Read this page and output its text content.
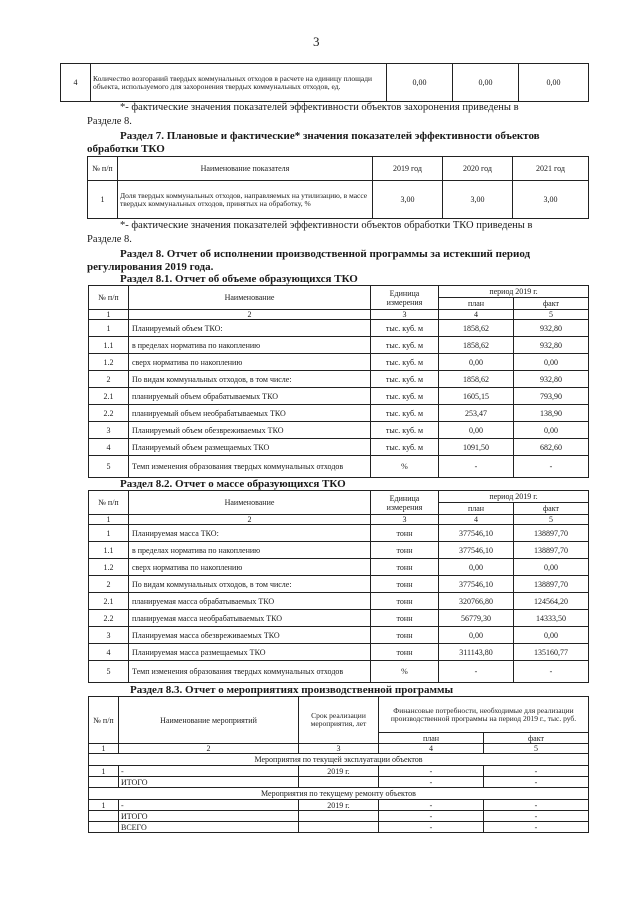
3
4	Количество возгораний твердых коммунальных отходов в расчете на единицу площади объекта, используемого для захоронения твердых коммунальных отходов, ед.	0,00	0,00	0,00
*- фактические значения показателей эффективности объектов захоронения приведены в
Разделе 8.
Раздел 7. Плановые и фактические* значения показателей эффективности объектов
обработки ТКО
№ п/п	Наименование показателя	2019 год	2020 год	2021 год
1	Доля твердых коммунальных отходов, направляемых на утилизацию, в массе твердых коммунальных отходов, принятых на обработку, %	3,00	3,00	3,00
*- фактические значения показателей эффективности объектов обработки ТКО приведены в
Разделе 8.
Раздел 8. Отчет об исполнении производственной программы за истекший период
регулирования 2019 года.
Раздел 8.1. Отчет об объеме образующихся ТКО
№ п/п	Наименование	Единица измерения	период 2019 г.	
			план	факт
1	2	3	4	5
1	Планируемый объем ТКО:	тыс. куб. м	1858,62	932,80
1.1	в пределах норматива по накоплению	тыс. куб. м	1858,62	932,80
1.2	сверх норматива по накоплению	тыс. куб. м	0,00	0,00
2	По видам коммунальных отходов, в том числе:	тыс. куб. м	1858,62	932,80
2.1	планируемый объем обрабатываемых ТКО	тыс. куб. м	1605,15	793,90
2.2	планируемый объем необрабатываемых ТКО	тыс. куб. м	253,47	138,90
3	Планируемый объем обезвреживаемых ТКО	тыс. куб. м	0,00	0,00
4	Планируемый объем размещаемых ТКО	тыс. куб. м	1091,50	682,60
5	Темп изменения образования твердых коммунальных отходов	%	-	-
Раздел 8.2. Отчет о массе образующихся ТКО
№ п/п	Наименование	Единица измерения	период 2019 г.	
			план	факт
1	2	3	4	5
1	Планируемая масса ТКО:	тонн	377546,10	138897,70
1.1	в пределах норматива по накоплению	тонн	377546,10	138897,70
1.2	сверх норматива по накоплению	тонн	0,00	0,00
2	По видам коммунальных отходов, в том числе:	тонн	377546,10	138897,70
2.1	планируемая масса обрабатываемых ТКО	тонн	320766,80	124564,20
2.2	планируемая масса необрабатываемых ТКО	тонн	56779,30	14333,50
3	Планируемая масса обезвреживаемых ТКО	тонн	0,00	0,00
4	Планируемая масса размещаемых ТКО	тонн	311143,80	135160,77
5	Темп изменения образования твердых коммунальных отходов	%	-	-
Раздел 8.3. Отчет о мероприятиях производственной программы
№ п/п	Наименование мероприятий	Срок реализации мероприятия, лет	Финансовые потребности, необходимые для реализации производственной программы на период 2019 г., тыс. руб.	
			план	факт
1	2	3	4	5
Мероприятия по текущей эксплуатации объектов				
1	-	2019 г.	-	-
	ИТОГО		-	-
Мероприятия по текущему ремонту объектов				
1	-	2019 г.	-	-
	ИТОГО		-	-
	ВСЕГО		-	-
